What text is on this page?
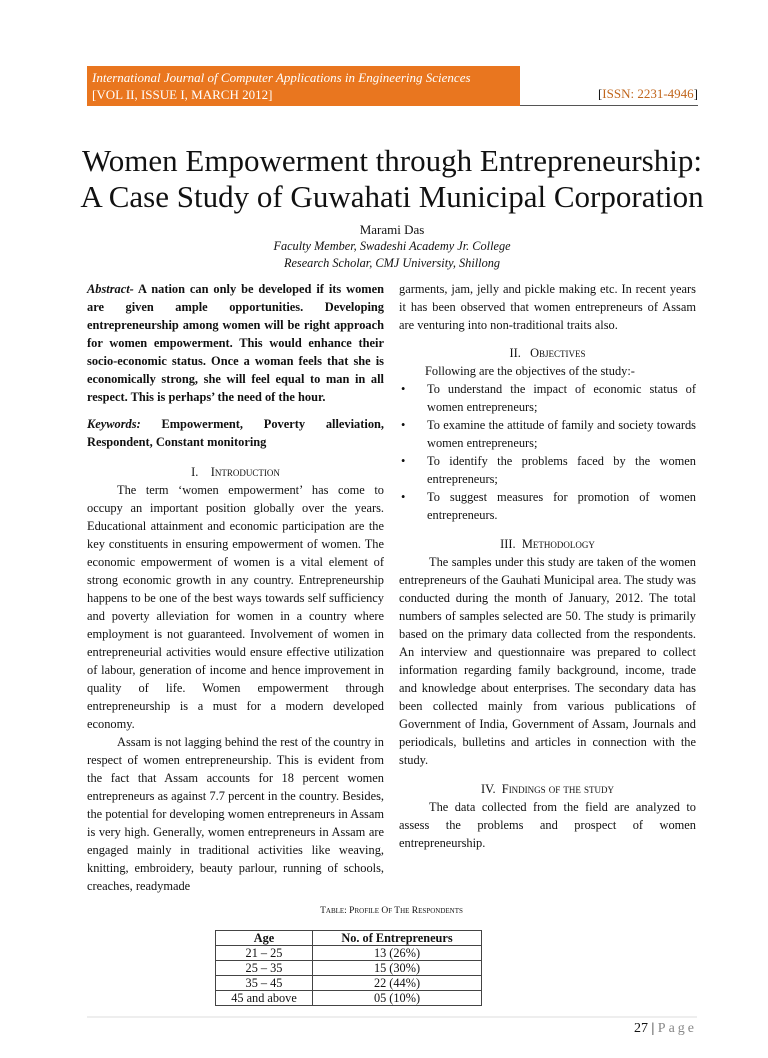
International Journal of Computer Applications in Engineering Sciences
[VOL II, ISSUE I, MARCH 2012]	[ISSN: 2231-4946]
Women Empowerment through Entrepreneurship: A Case Study of Guwahati Municipal Corporation
Marami Das
Faculty Member, Swadeshi Academy Jr. College
Research Scholar, CMJ University, Shillong

Abstract- A nation can only be developed if its women are given ample opportunities. Developing entrepreneurship among women will be right approach for women empowerment. This would enhance their socio-economic status. Once a woman feels that she is economically strong, she will feel equal to man in all respect. This is perhaps’ the need of the hour.

Keywords: Empowerment, Poverty alleviation, Respondent, Constant monitoring

I. Introduction

The term ‘women empowerment’ has come to occupy an important position globally over the years. Educational attainment and economic participation are the key constituents in ensuring empowerment of women. The economic empowerment of women is a vital element of strong economic growth in any country. Entrepreneurship happens to be one of the best ways towards self sufficiency and poverty alleviation for women in a country where employment is not guaranteed. Involvement of women in entrepreneurial activities would ensure effective utilization of labour, generation of income and hence improvement in quality of life. Women empowerment through entrepreneurship is a must for a modern developed economy.

Assam is not lagging behind the rest of the country in respect of women entrepreneurship. This is evident from the fact that Assam accounts for 18 percent women entrepreneurs as against 7.7 percent in the country. Besides, the potential for developing women entrepreneurs in Assam is very high. Generally, women entrepreneurs in Assam are engaged mainly in traditional activities like weaving, knitting, embroidery, beauty parlour, running of schools, creaches, readymade

garments, jam, jelly and pickle making etc. In recent years it has been observed that women entrepreneurs of Assam are venturing into non-traditional traits also.

II. Objectives

Following are the objectives of the study:-

• To understand the impact of economic status of women entrepreneurs;
• To examine the attitude of family and society towards women entrepreneurs;
• To identify the problems faced by the women entrepreneurs;
• To suggest measures for promotion of women entrepreneurs.
III. Methodology

The samples under this study are taken of the women entrepreneurs of the Gauhati Municipal area. The study was conducted during the month of January, 2012. The total numbers of samples selected are 50. The study is primarily based on the primary data collected from the respondents. An interview and questionnaire was prepared to collect information regarding family background, income, trade and knowledge about enterprises. The secondary data has been collected mainly from various publications of Government of India, Government of Assam, Journals and periodicals, bulletins and articles in connection with the study.

IV. Findings of the study

The data collected from the field are analyzed to assess the problems and prospect of women entrepreneurship.

Table: Profile Of The Respondents
Age	No. of Entrepreneurs
21 – 25	13 (26%)
25 – 35	15 (30%)
35 – 45	22 (44%)
45 and above	05 (10%)
27 | Page
